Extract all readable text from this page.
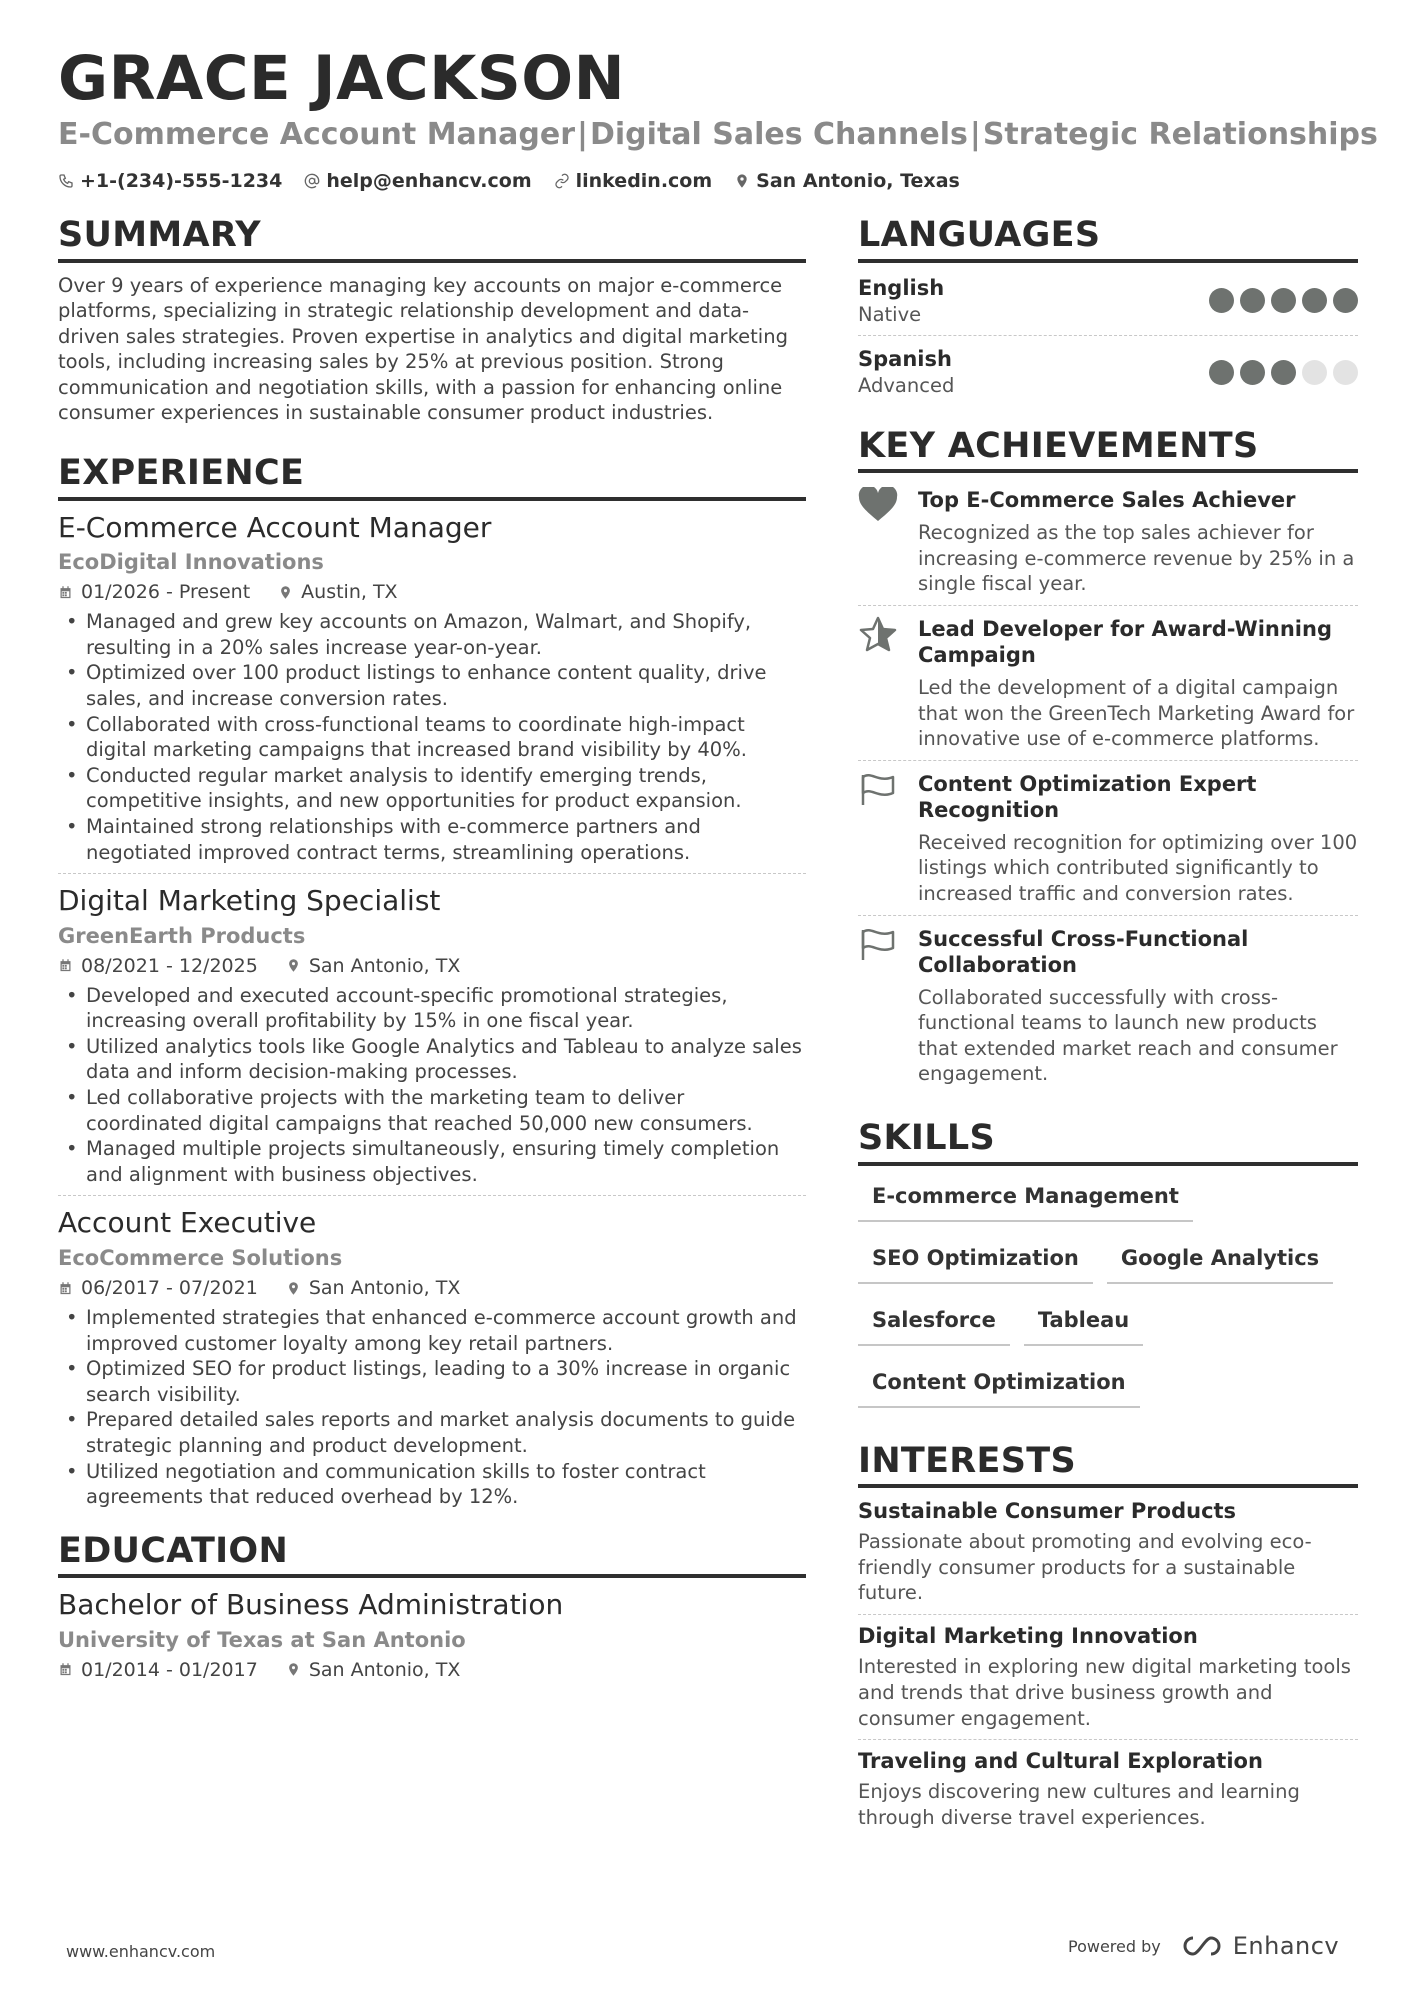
GRACE JACKSON
E-Commerce Account Manager|Digital Sales Channels|Strategic Relationships
+1-(234)-555-1234 help@enhancv.com linkedin.com San Antonio, Texas
SUMMARY

Over 9 years of experience managing key accounts on major e-commerce platforms, specializing in strategic relationship development and data-driven sales strategies. Proven expertise in analytics and digital marketing tools, including increasing sales by 25% at previous position. Strong communication and negotiation skills, with a passion for enhancing online consumer experiences in sustainable consumer product industries.

EXPERIENCE
E-Commerce Account Manager
EcoDigital Innovations
01/2026 - Present	Austin, TX
• Managed and grew key accounts on Amazon, Walmart, and Shopify, resulting in a 20% sales increase year-on-year.
• Optimized over 100 product listings to enhance content quality, drive sales, and increase conversion rates.
• Collaborated with cross-functional teams to coordinate high-impact digital marketing campaigns that increased brand visibility by 40%.
• Conducted regular market analysis to identify emerging trends, competitive insights, and new opportunities for product expansion.
• Maintained strong relationships with e-commerce partners and negotiated improved contract terms, streamlining operations.
Digital Marketing Specialist
GreenEarth Products
08/2021 - 12/2025	San Antonio, TX
• Developed and executed account-specific promotional strategies, increasing overall profitability by 15% in one fiscal year.
• Utilized analytics tools like Google Analytics and Tableau to analyze sales data and inform decision-making processes.
• Led collaborative projects with the marketing team to deliver coordinated digital campaigns that reached 50,000 new consumers.
• Managed multiple projects simultaneously, ensuring timely completion and alignment with business objectives.
Account Executive
EcoCommerce Solutions
06/2017 - 07/2021	San Antonio, TX
• Implemented strategies that enhanced e-commerce account growth and improved customer loyalty among key retail partners.
• Optimized SEO for product listings, leading to a 30% increase in organic search visibility.
• Prepared detailed sales reports and market analysis documents to guide strategic planning and product development.
• Utilized negotiation and communication skills to foster contract agreements that reduced overhead by 12%.
EDUCATION
Bachelor of Business Administration
University of Texas at San Antonio
01/2014 - 01/2017	San Antonio, TX
LANGUAGES
English
Native
Spanish
Advanced
KEY ACHIEVEMENTS
Top E-Commerce Sales Achiever
Recognized as the top sales achiever for increasing e-commerce revenue by 25% in a single fiscal year.
Lead Developer for Award-Winning Campaign
Led the development of a digital campaign that won the GreenTech Marketing Award for innovative use of e-commerce platforms.
Content Optimization Expert Recognition
Received recognition for optimizing over 100 listings which contributed significantly to increased traffic and conversion rates.
Successful Cross-Functional Collaboration
Collaborated successfully with cross-functional teams to launch new products that extended market reach and consumer engagement.
SKILLS
E-commerce Management
SEO Optimization	Google Analytics
Salesforce	Tableau
Content Optimization
INTERESTS
Sustainable Consumer Products
Passionate about promoting and evolving eco-friendly consumer products for a sustainable future.
Digital Marketing Innovation
Interested in exploring new digital marketing tools and trends that drive business growth and consumer engagement.
Traveling and Cultural Exploration
Enjoys discovering new cultures and learning through diverse travel experiences.
www.enhancv.com	Powered by	Enhancv
